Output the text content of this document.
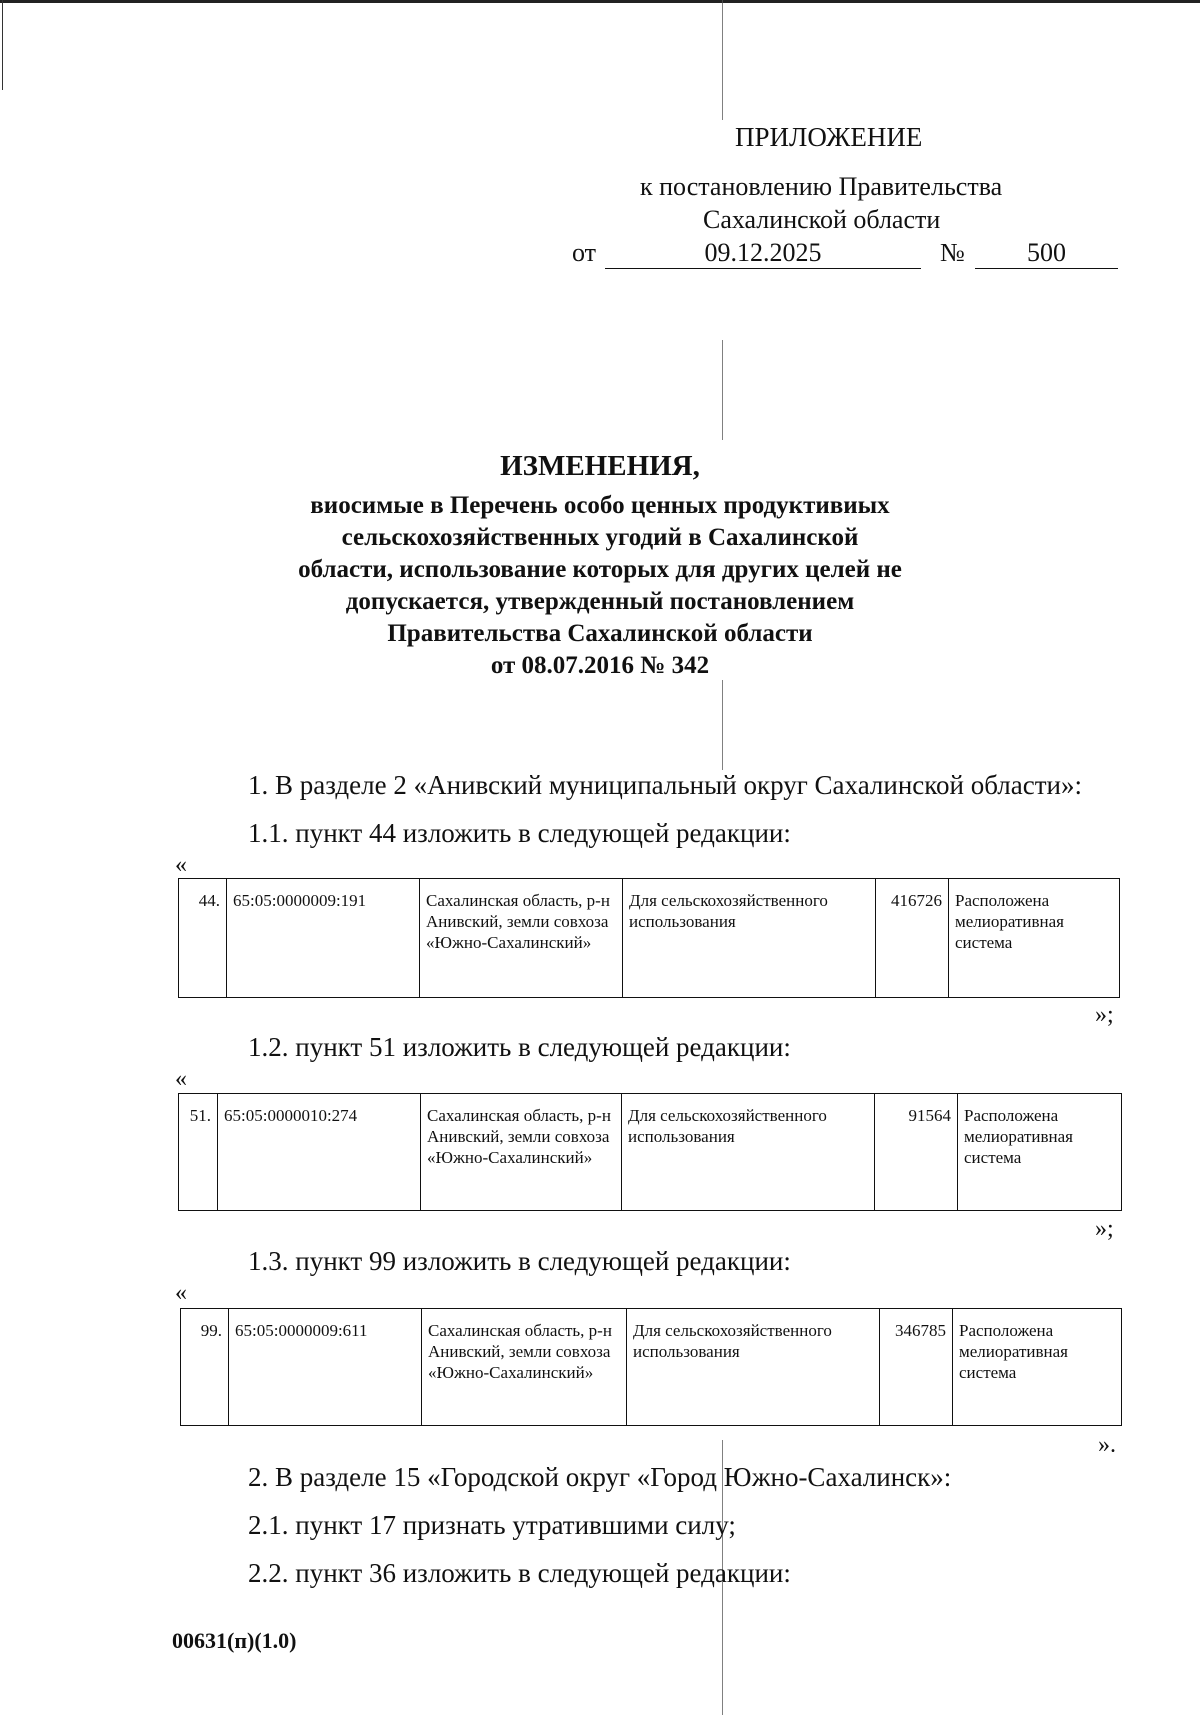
ПРИЛОЖЕНИЕ
к постановлению Правительства
Сахалинской области
от	09.12.2025	№	500
ИЗМЕНЕНИЯ,
виосимые в Перечень особо ценных продуктивиых
сельскохозяйственных угодий в Сахалинской
области, использование которых для других целей не
допускается, утвержденный постановлением
Правительства Сахалинской области
от 08.07.2016 № 342
1. В разделе 2 «Анивский муниципальный округ Сахалинской области»:
1.1. пункт 44 изложить в следующей редакции:
«
44.	65:05:0000009:191	Сахалинская область, р-н Анивский, земли совхоза «Южно-Сахалинский»	Для сельскохозяйственного использования	416726	Расположена мелиоративная система
»;
1.2. пункт 51 изложить в следующей редакции:
«
51.	65:05:0000010:274	Сахалинская область, р-н Анивский, земли совхоза «Южно-Сахалинский»	Для сельскохозяйственного использования	91564	Расположена мелиоративная система
»;
1.3. пункт 99 изложить в следующей редакции:
«
99.	65:05:0000009:611	Сахалинская область, р-н Анивский, земли совхоза «Южно-Сахалинский»	Для сельскохозяйственного использования	346785	Расположена мелиоративная система
».
2. В разделе 15 «Городской округ «Город Южно-Сахалинск»:
2.1. пункт 17 признать утратившими силу;
2.2. пункт 36 изложить в следующей редакции:
00631(п)(1.0)
